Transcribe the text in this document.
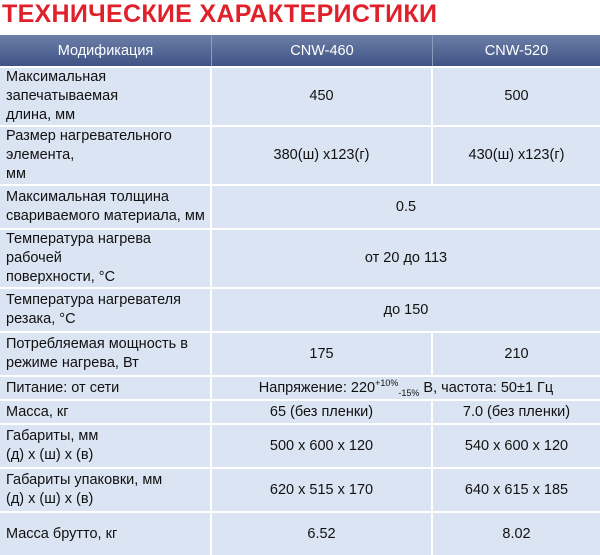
ТЕХНИЧЕСКИЕ ХАРАКТЕРИСТИКИ
Модификация	CNW-460	CNW-520
Максимальная запечатываемая
длина, мм	450	500
Размер нагревательного элемента,
мм	380(ш) x123(г)	430(ш) x123(г)
Максимальная толщина
свариваемого материала, мм	0.5	
Температура нагрева рабочей
поверхности, °С	от 20 до 113	
Температура нагревателя
резака, °С	до 150	
Потребляемая мощность в
режиме нагрева, Вт	175	210
Питание: от сети	Напряжение: $220^{+10\%}_{-15\%}$ В, частота: 50±1 Гц	
Масса, кг	65 (без пленки)	7.0 (без пленки)
Габариты, мм
(д) х (ш) х (в)	500 х 600 х 120	540 х 600 х 120
Габариты упаковки, мм
(д) х (ш) х (в)	620 х 515 х 170	640 х 615 х 185
Масса брутто, кг	6.52	8.02
